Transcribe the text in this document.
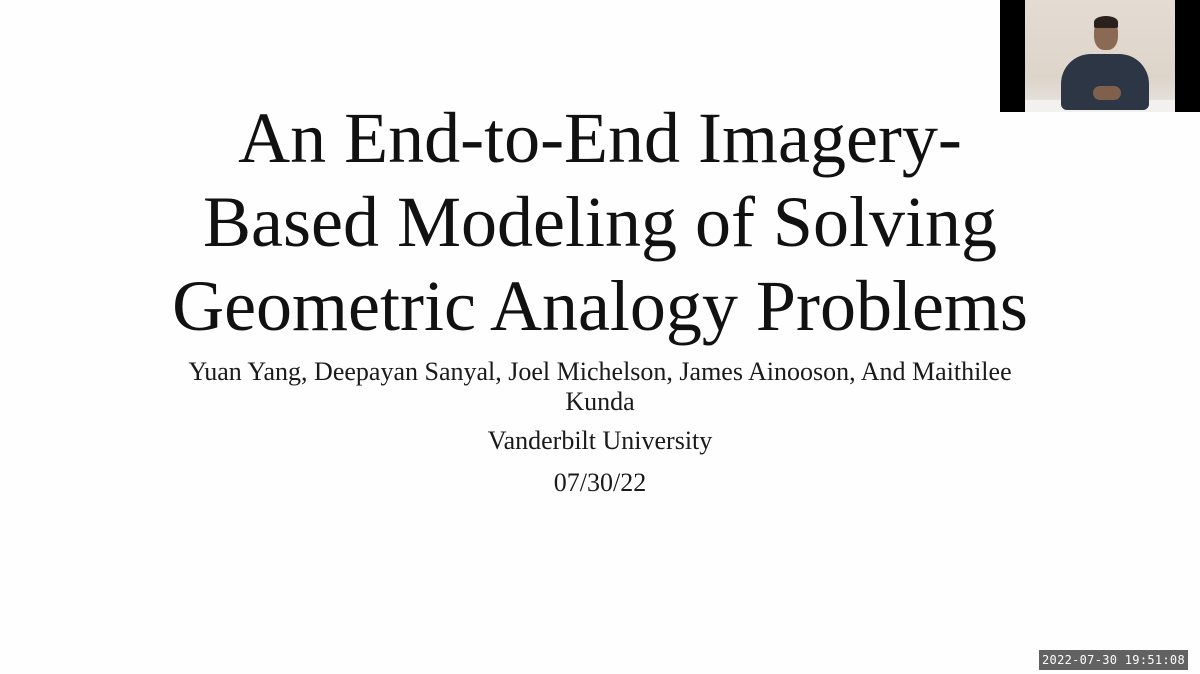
An End-to-End Imagery-
Based Modeling of Solving
Geometric Analogy Problems
Yuan Yang, Deepayan Sanyal, Joel Michelson, James Ainooson, And Maithilee Kunda
Vanderbilt University
07/30/22
2022-07-30 19:51:08
